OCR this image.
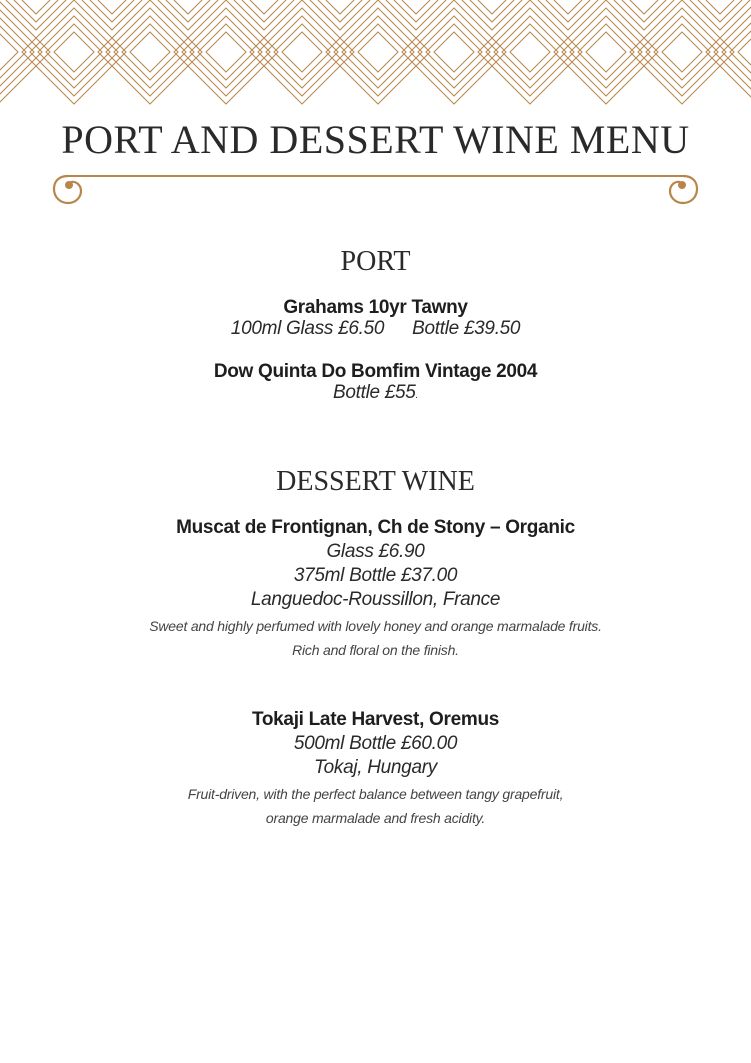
PORT AND DESSERT WINE MENU
PORT

Grahams 10yr Tawny

100ml Glass £6.50 Bottle £39.50

Dow Quinta Do Bomfim Vintage 2004

Bottle £55.

DESSERT WINE

Muscat de Frontignan, Ch de Stony – Organic

Glass £6.90

375ml Bottle £37.00

Languedoc-Roussillon, France

Sweet and highly perfumed with lovely honey and orange marmalade fruits.

Rich and floral on the finish.

Tokaji Late Harvest, Oremus

500ml Bottle £60.00

Tokaj, Hungary

Fruit-driven, with the perfect balance between tangy grapefruit,

orange marmalade and fresh acidity.
